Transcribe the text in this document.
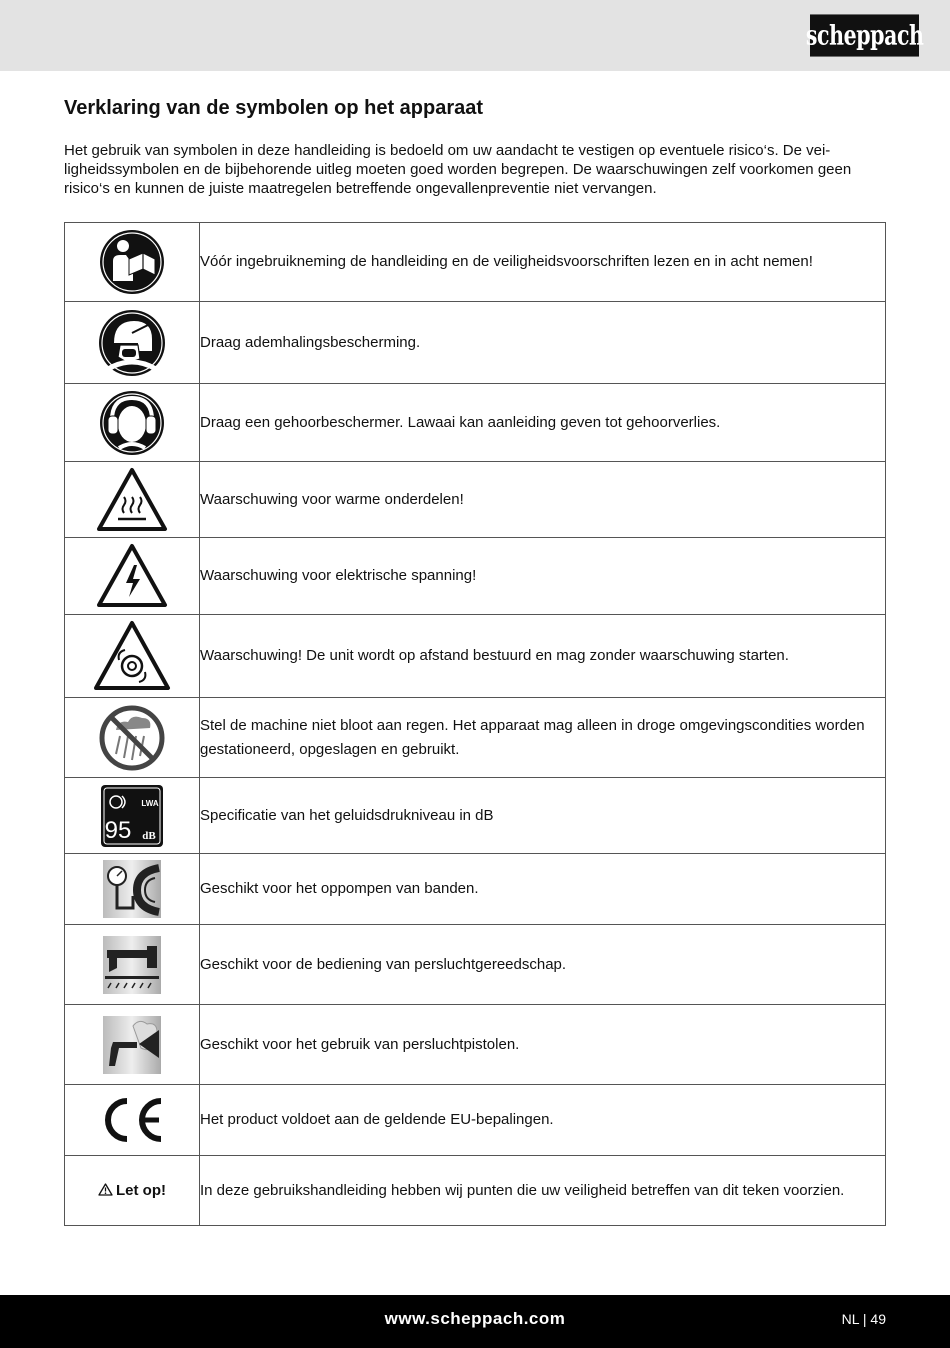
scheppach
Verklaring van de symbolen op het apparaat

Het gebruik van symbolen in deze handleiding is bedoeld om uw aandacht te vestigen op eventuele risico‘s. De vei-ligheidssymbolen en de bijbehorende uitleg moeten goed worden begrepen. De waarschuwingen zelf voorkomen geen risico‘s en kunnen de juiste maatregelen betreffende ongevallenpreventie niet vervangen.

	Vóór ingebruikneming de handleiding en de veiligheidsvoorschriften lezen en in acht nemen!

	Draag ademhalingsbescherming.

	Draag een gehoorbeschermer. Lawaai kan aanleiding geven tot gehoorverlies.

	Waarschuwing voor warme onderdelen!

	Waarschuwing voor elektrische spanning!

	Waarschuwing! De unit wordt op afstand bestuurd en mag zonder waarschuwing starten.

	Stel de machine niet bloot aan regen. Het apparaat mag alleen in droge omgevingscondities worden gestationeerd, opgeslagen en gebruikt.

LWA
95 dB	Specificatie van het geluidsdrukniveau in dB

	Geschikt voor het oppompen van banden.

	Geschikt voor de bediening van persluchtgereedschap.

	Geschikt voor het gebruik van persluchtpistolen.

	Het product voldoet aan de geldende EU-bepalingen.
Let op!	In deze gebruikshandleiding hebben wij punten die uw veiligheid betreffen van dit teken voorzien.
www.scheppach.com	NL | 49
